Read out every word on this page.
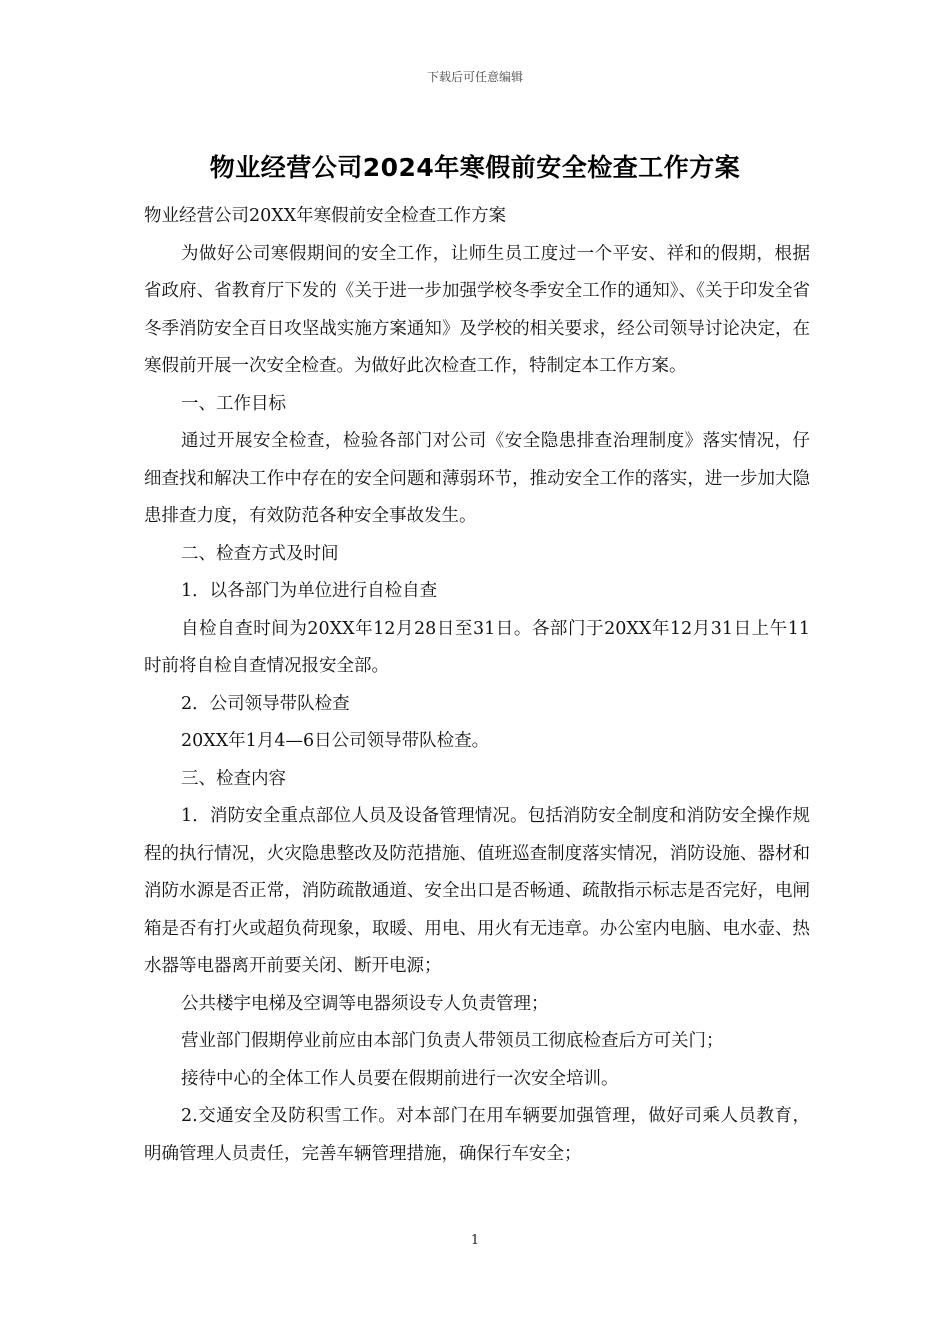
下载后可任意编辑
物业经营公司2024年寒假前安全检查工作方案

物业经营公司20XX年寒假前安全检查工作方案

为做好公司寒假期间的安全工作，让师生员工度过一个平安、祥和的假期，根据省政府、省教育厅下发的《关于进一步加强学校冬季安全工作的通知》、《关于印发全省冬季消防安全百日攻坚战实施方案通知》及学校的相关要求，经公司领导讨论决定，在寒假前开展一次安全检查。为做好此次检查工作，特制定本工作方案。

一、工作目标

通过开展安全检查，检验各部门对公司《安全隐患排查治理制度》落实情况，仔细查找和解决工作中存在的安全问题和薄弱环节，推动安全工作的落实，进一步加大隐患排查力度，有效防范各种安全事故发生。

二、检查方式及时间

1．以各部门为单位进行自检自查

自检自查时间为20XX年12月28日至31日。各部门于20XX年12月31日上午11时前将自检自查情况报安全部。

2．公司领导带队检查

20XX年1月4—6日公司领导带队检查。

三、检查内容

1．消防安全重点部位人员及设备管理情况。包括消防安全制度和消防安全操作规程的执行情况，火灾隐患整改及防范措施、值班巡查制度落实情况，消防设施、器材和消防水源是否正常，消防疏散通道、安全出口是否畅通、疏散指示标志是否完好，电闸箱是否有打火或超负荷现象，取暖、用电、用火有无违章。办公室内电脑、电水壶、热水器等电器离开前要关闭、断开电源；

公共楼宇电梯及空调等电器须设专人负责管理；

营业部门假期停业前应由本部门负责人带领员工彻底检查后方可关门；

接待中心的全体工作人员要在假期前进行一次安全培训。

2.交通安全及防积雪工作。对本部门在用车辆要加强管理，做好司乘人员教育，明确管理人员责任，完善车辆管理措施，确保行车安全；

1
